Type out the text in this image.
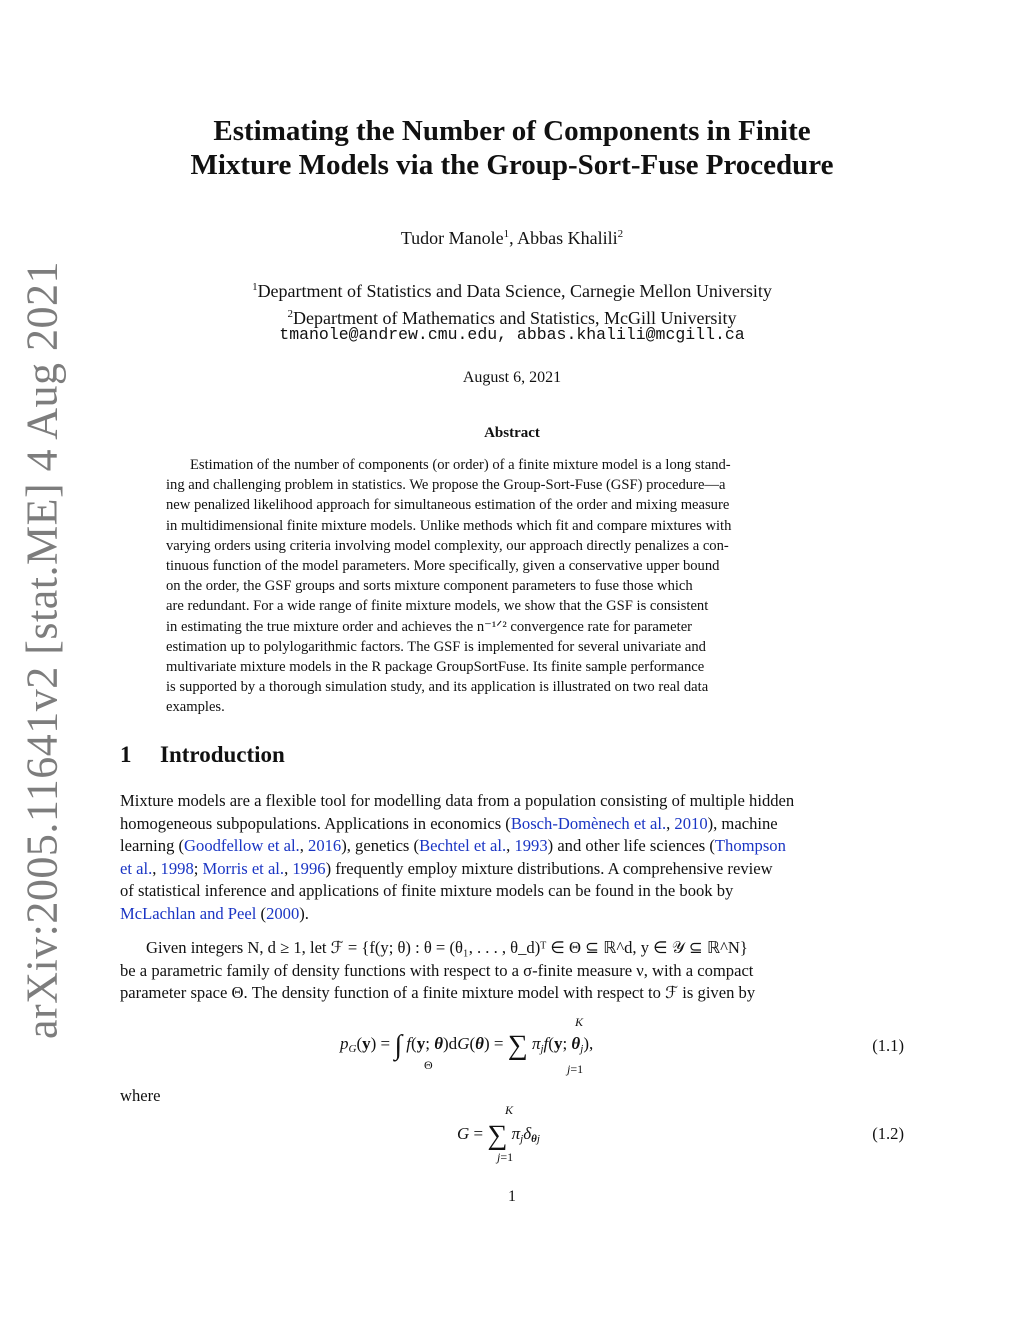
arXiv:2005.11641v2 [stat.ME] 4 Aug 2021
Estimating the Number of Components in Finite
Mixture Models via the Group-Sort-Fuse Procedure
Tudor Manole$^1$, Abbas Khalili$^2$
$^1$Department of Statistics and Data Science, Carnegie Mellon University
$^2$Department of Mathematics and Statistics, McGill University
tmanole@andrew.cmu.edu, abbas.khalili@mcgill.ca
August 6, 2021
Abstract
Estimation of the number of components (or order) of a finite mixture model is a long stand-
ing and challenging problem in statistics. We propose the Group-Sort-Fuse (GSF) procedure—a
new penalized likelihood approach for simultaneous estimation of the order and mixing measure
in multidimensional finite mixture models. Unlike methods which fit and compare mixtures with
varying orders using criteria involving model complexity, our approach directly penalizes a con-
tinuous function of the model parameters. More specifically, given a conservative upper bound
on the order, the GSF groups and sorts mixture component parameters to fuse those which
are redundant. For a wide range of finite mixture models, we show that the GSF is consistent
in estimating the true mixture order and achieves the n⁻¹ᐟ² convergence rate for parameter
estimation up to polylogarithmic factors. The GSF is implemented for several univariate and
multivariate mixture models in the R package GroupSortFuse. Its finite sample performance
is supported by a thorough simulation study, and its application is illustrated on two real data
examples.
1 Introduction
Mixture models are a flexible tool for modelling data from a population consisting of multiple hidden
homogeneous subpopulations. Applications in economics (Bosch-Domènech et al., 2010), machine
learning (Goodfellow et al., 2016), genetics (Bechtel et al., 1993) and other life sciences (Thompson
et al., 1998; Morris et al., 1996) frequently employ mixture distributions. A comprehensive review
of statistical inference and applications of finite mixture models can be found in the book by
McLachlan and Peel (2000).
Given integers N, d ≥ 1, let ℱ = {f(y; θ) : θ = (θ₁, . . . , θ_d)ᵀ ∈ Θ ⊆ ℝ^d, y ∈ 𝒴 ⊆ ℝ^N}
be a parametric family of density functions with respect to a σ-finite measure ν, with a compact
parameter space Θ. The density function of a finite mixture model with respect to ℱ is given by
$p_G(y)$ = ∫ f(y; θ)dG(θ) = ∑ $\pi_jf(y$; $\theta_j$),
Θ
K
j=1
(1.1)
where
G = ∑ $\pi_j\delta_{\theta j}$
K
j=1
(1.2)
1
